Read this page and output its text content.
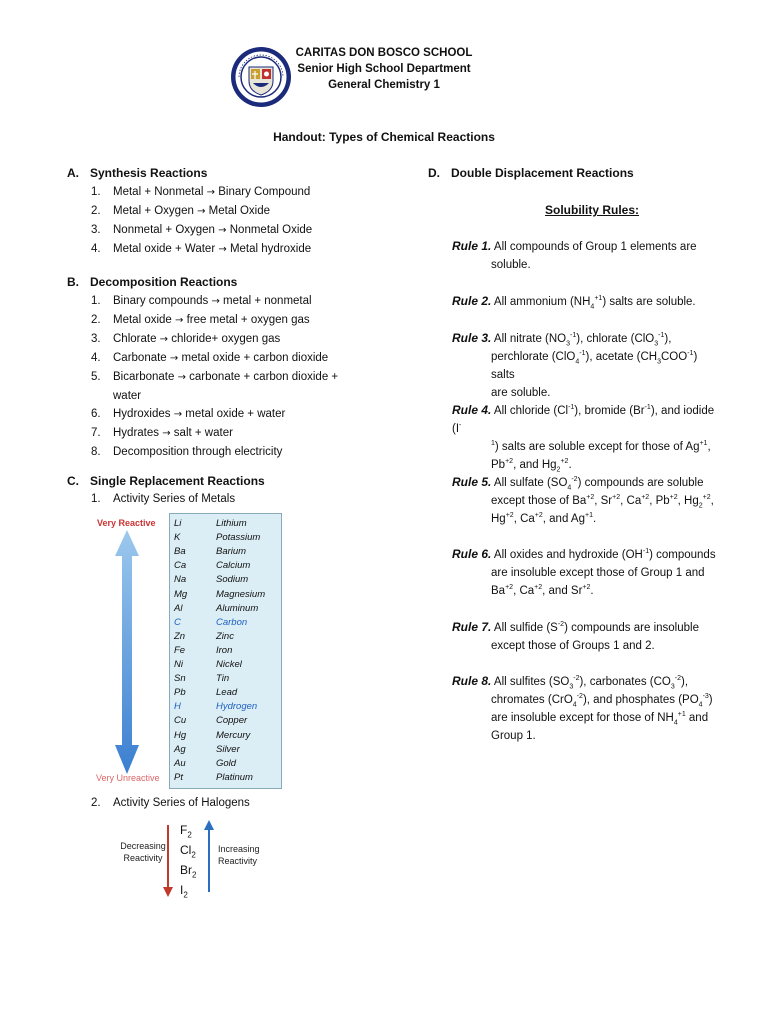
CARITAS DON BOSCO SCHOOL
Senior High School Department
General Chemistry 1
Handout: Types of Chemical Reactions
A. Synthesis Reactions
1. Metal + Nonmetal → Binary Compound
2. Metal + Oxygen → Metal Oxide
3. Nonmetal + Oxygen → Nonmetal Oxide
4. Metal oxide + Water → Metal hydroxide
B. Decomposition Reactions
1. Binary compounds → metal + nonmetal
2. Metal oxide → free metal + oxygen gas
3. Chlorate → chloride+ oxygen gas
4. Carbonate → metal oxide + carbon dioxide
5. Bicarbonate → carbonate + carbon dioxide + water
6. Hydroxides → metal oxide + water
7. Hydrates → salt + water
8. Decomposition through electricity
C. Single Replacement Reactions
1. Activity Series of Metals
Very Reactive
Very Unreactive
Li	Lithium
K	Potassium
Ba	Barium
Ca	Calcium
Na	Sodium
Mg	Magnesium
Al	Aluminum
C	Carbon
Zn	Zinc
Fe	Iron
Ni	Nickel
Sn	Tin
Pb	Lead
H	Hydrogen
Cu	Copper
Hg	Mercury
Ag	Silver
Au	Gold
Pt	Platinum
2. Activity Series of Halogens
Decreasing
Reactivity
$F_2$
$Cl_2$
$Br_2$
$I_2$
Increasing
Reactivity
D. Double Displacement Reactions
Solubility Rules:
Rule 1. All compounds of Group 1 elements are
soluble.
Rule 2. All ammonium $(NH_4^{+1})$ salts are soluble.
Rule 3. All nitrate $(NO_3^{-1})$, chlorate (ClO$_3^{-1}$),
perchlorate (ClO$_4^{-1}$), acetate $(CH_3COO^{-1})$ salts
are soluble.
Rule 4. All chloride $(Cl^{-1})$, bromide $(Br^{-1})$, and iodide (I-
$^1$) salts are soluble except for those of $Ag^{+1}$,
$Pb^{+2}$, and $Hg_2^{+2}$.
Rule 5. All sulfate $(SO_4^{-2})$ compounds are soluble
except those of $Ba^{+2}$, $Sr^{+2}$, $Ca^{+2}$, $Pb^{+2}$, $Hg_2^{+2}$,
$Hg^{+2}$, $Ca^{+2}$, and $Ag^{+1}$.
Rule 6. All oxides and hydroxide $(OH^{-1})$ compounds
are insoluble except those of Group 1 and
$Ba^{+2}$, $Ca^{+2}$, and $Sr^{+2}$.
Rule 7. All sulfide $(S^{-2})$ compounds are insoluble
except those of Groups 1 and 2.
Rule 8. All sulfites $(SO_3^{-2})$, carbonates $(CO_3^{-2})$,
chromates (CrO$_4^{-2}$), and phosphates $(PO_4^{-3})$
are insoluble except for those of $NH_4^{+1}$ and
Group 1.
